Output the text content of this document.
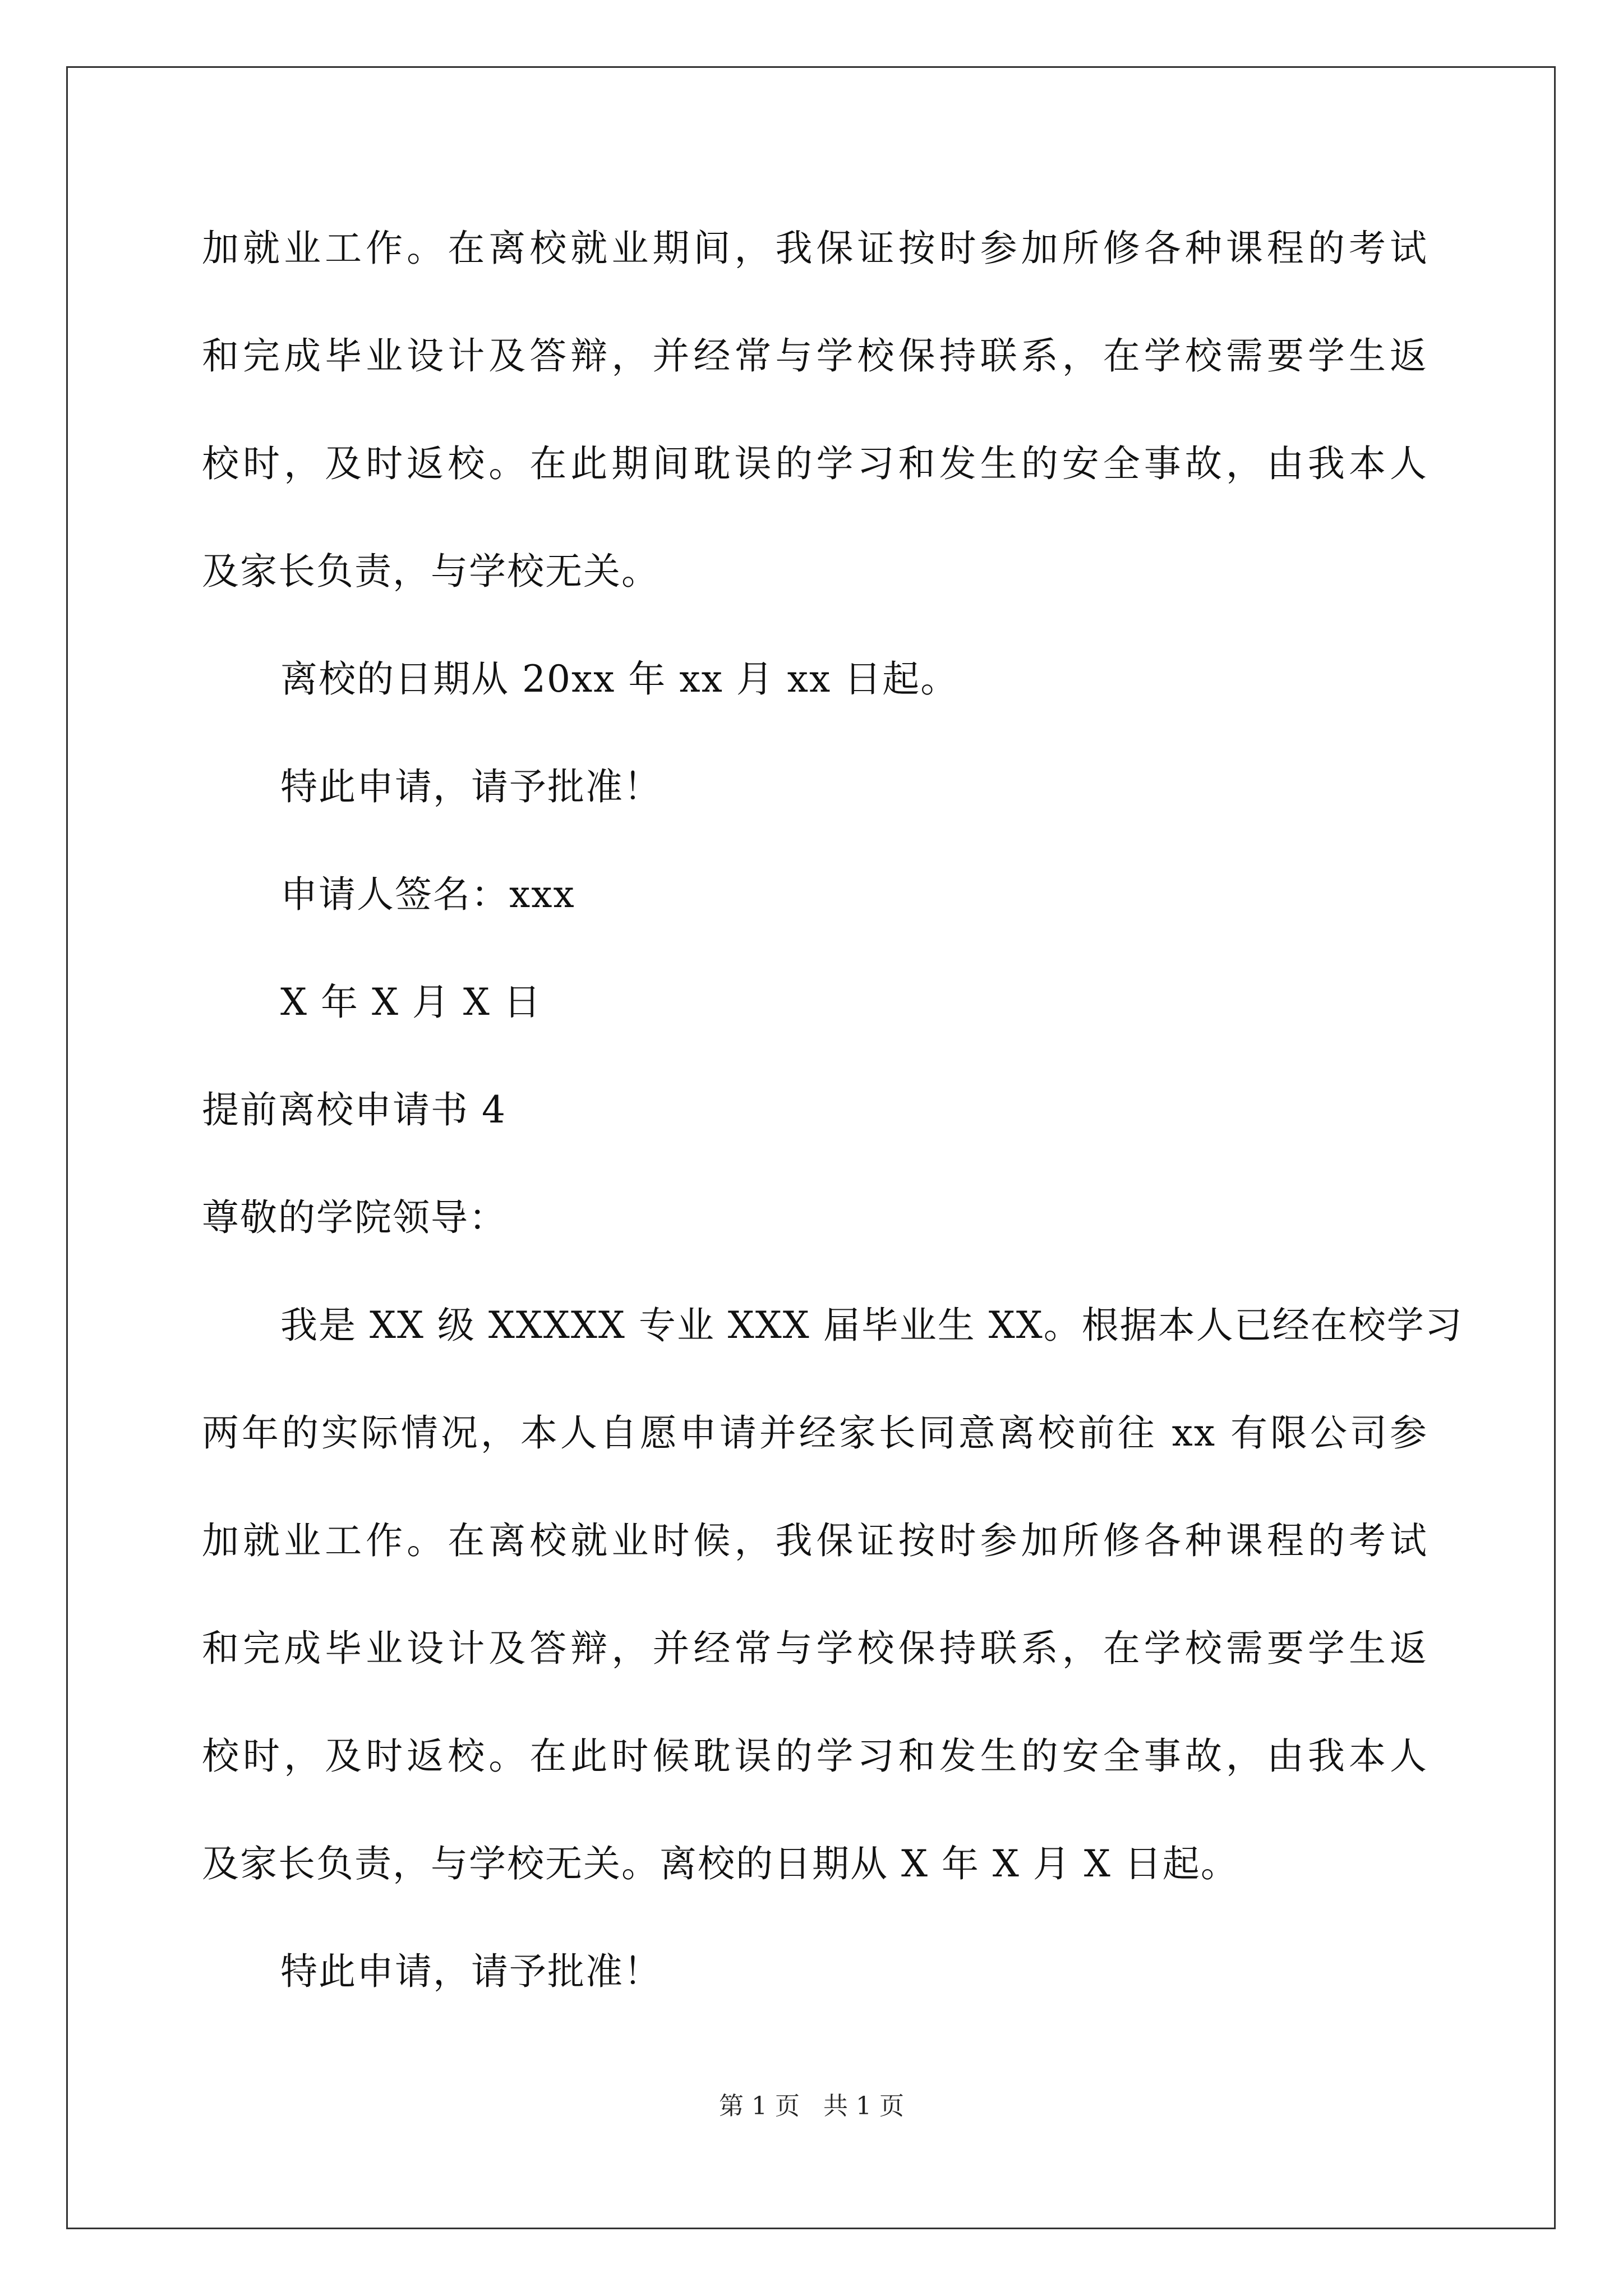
加就业工作。在离校就业期间，我保证按时参加所修各种课程的考试
和完成毕业设计及答辩，并经常与学校保持联系，在学校需要学生返
校时，及时返校。在此期间耽误的学习和发生的安全事故，由我本人
及家长负责，与学校无关。
离校的日期从 20xx 年 xx 月 xx 日起。
特此申请，请予批准！
申请人签名：xxx
X 年 X 月 X 日
提前离校申请书 4
尊敬的学院领导：
我是 XX 级 XXXXX 专业 XXX 届毕业生 XX。根据本人已经在校学习
两年的实际情况，本人自愿申请并经家长同意离校前往 xx 有限公司参
加就业工作。在离校就业时候，我保证按时参加所修各种课程的考试
和完成毕业设计及答辩，并经常与学校保持联系，在学校需要学生返
校时，及时返校。在此时候耽误的学习和发生的安全事故，由我本人
及家长负责，与学校无关。离校的日期从 X 年 X 月 X 日起。
特此申请，请予批准！
第 1 页   共 1 页
